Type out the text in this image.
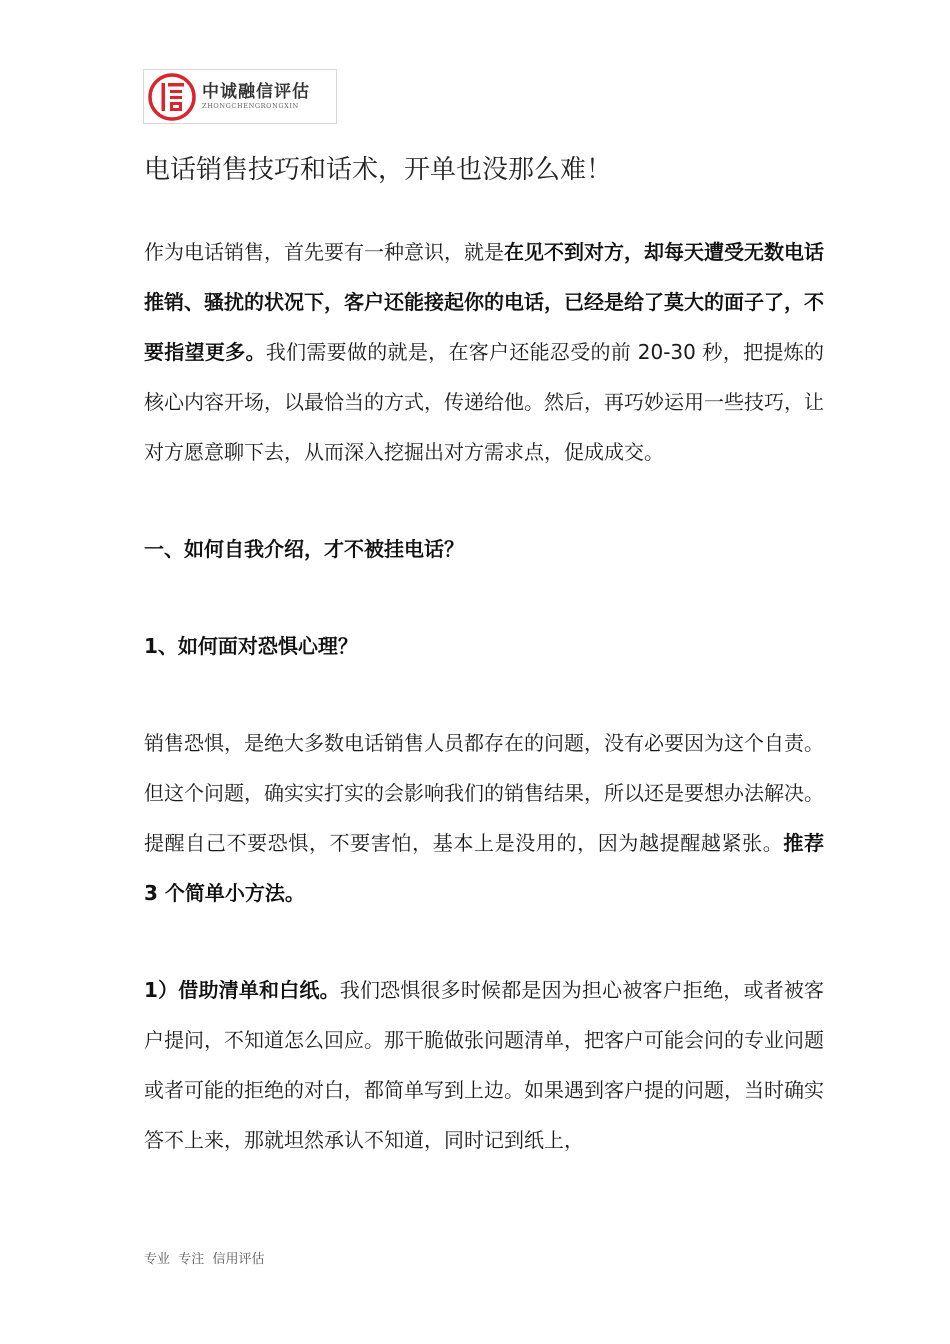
中诚融信评估
ZHONGCHENGRONGXIN
电话销售技巧和话术，开单也没那么难！

作为电话销售，首先要有一种意识，就是在见不到对方，却每天遭受无数电话推销、骚扰的状况下，客户还能接起你的电话，已经是给了莫大的面子了，不要指望更多。我们需要做的就是，在客户还能忍受的前 20-30 秒，把提炼的核心内容开场，以最恰当的方式，传递给他。然后，再巧妙运用一些技巧，让对方愿意聊下去，从而深入挖掘出对方需求点，促成成交。

一、如何自我介绍，才不被挂电话？

1、如何面对恐惧心理？

销售恐惧，是绝大多数电话销售人员都存在的问题，没有必要因为这个自责。但这个问题，确实实打实的会影响我们的销售结果，所以还是要想办法解决。提醒自己不要恐惧，不要害怕，基本上是没用的，因为越提醒越紧张。推荐 3 个简单小方法。

1）借助清单和白纸。我们恐惧很多时候都是因为担心被客户拒绝，或者被客户提问，不知道怎么回应。那干脆做张问题清单，把客户可能会问的专业问题或者可能的拒绝的对白，都简单写到上边。如果遇到客户提的问题，当时确实答不上来，那就坦然承认不知道，同时记到纸上，

专业  专注  信用评估
